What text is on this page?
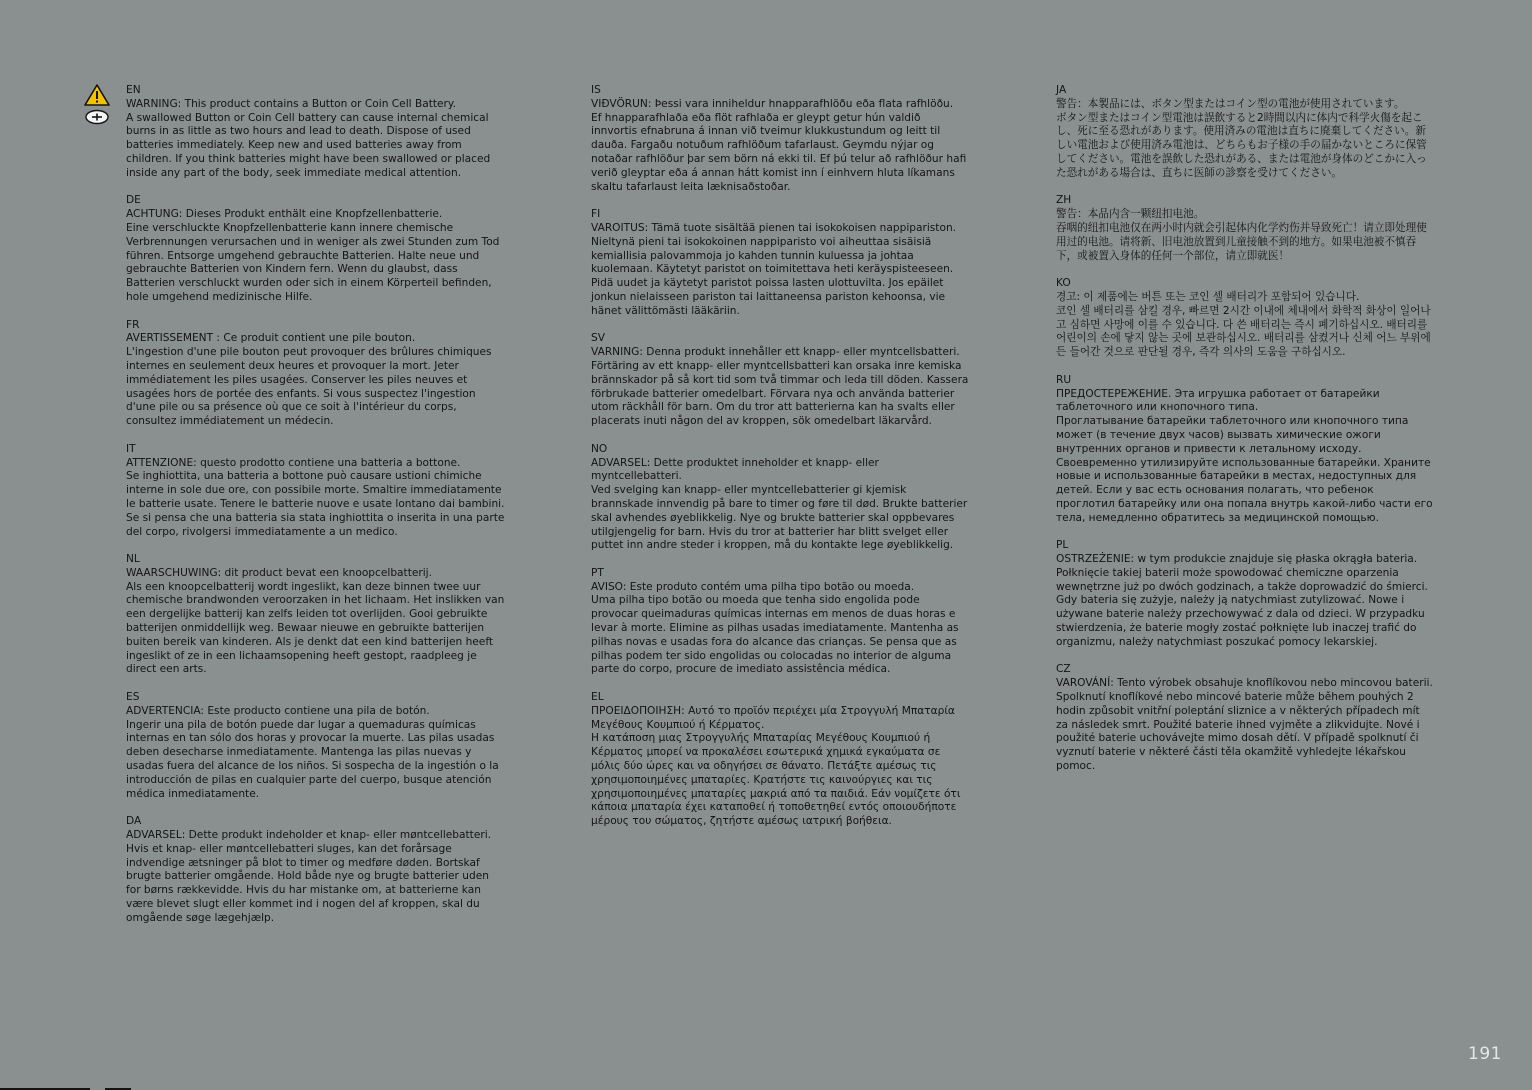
EN
WARNING: This product contains a Button or Coin Cell Battery.
A swallowed Button or Coin Cell battery can cause internal chemical burns in as little as two hours and lead to death. Dispose of used batteries immediately. Keep new and used batteries away from children. If you think batteries might have been swallowed or placed inside any part of the body, seek immediate medical attention.
DE
ACHTUNG: Dieses Produkt enthält eine Knopfzellenbatterie.
Eine verschluckte Knopfzellenbatterie kann innere chemische Verbrennungen verursachen und in weniger als zwei Stunden zum Tod führen. Entsorge umgehend gebrauchte Batterien. Halte neue und gebrauchte Batterien von Kindern fern. Wenn du glaubst, dass Batterien verschluckt wurden oder sich in einem Körperteil befinden, hole umgehend medizinische Hilfe.
FR
AVERTISSEMENT : Ce produit contient une pile bouton.
L'ingestion d'une pile bouton peut provoquer des brûlures chimiques internes en seulement deux heures et provoquer la mort. Jeter immédiatement les piles usagées. Conserver les piles neuves et usagées hors de portée des enfants. Si vous suspectez l'ingestion d'une pile ou sa présence où que ce soit à l'intérieur du corps, consultez immédiatement un médecin.
IT
ATTENZIONE: questo prodotto contiene una batteria a bottone.
Se inghiottita, una batteria a bottone può causare ustioni chimiche interne in sole due ore, con possibile morte. Smaltire immediatamente le batterie usate. Tenere le batterie nuove e usate lontano dai bambini. Se si pensa che una batteria sia stata inghiottita o inserita in una parte del corpo, rivolgersi immediatamente a un medico.
NL
WAARSCHUWING: dit product bevat een knoopcelbatterij.
Als een knoopcelbatterij wordt ingeslikt, kan deze binnen twee uur chemische brandwonden veroorzaken in het lichaam. Het inslikken van een dergelijke batterij kan zelfs leiden tot overlijden. Gooi gebruikte batterijen onmiddellijk weg. Bewaar nieuwe en gebruikte batterijen buiten bereik van kinderen. Als je denkt dat een kind batterijen heeft ingeslikt of ze in een lichaamsopening heeft gestopt, raadpleeg je direct een arts.
ES
ADVERTENCIA: Este producto contiene una pila de botón.
Ingerir una pila de botón puede dar lugar a quemaduras químicas internas en tan sólo dos horas y provocar la muerte. Las pilas usadas deben desecharse inmediatamente. Mantenga las pilas nuevas y usadas fuera del alcance de los niños. Si sospecha de la ingestión o la introducción de pilas en cualquier parte del cuerpo, busque atención médica inmediatamente.
DA
ADVARSEL: Dette produkt indeholder et knap- eller møntcellebatteri.
Hvis et knap- eller møntcellebatteri sluges, kan det forårsage indvendige ætsninger på blot to timer og medføre døden. Bortskaf brugte batterier omgående. Hold både nye og brugte batterier uden for børns rækkevidde. Hvis du har mistanke om, at batterierne kan være blevet slugt eller kommet ind i nogen del af kroppen, skal du omgående søge lægehjælp.
IS
VIÐVÖRUN: Þessi vara inniheldur hnapparafhlöðu eða flata rafhlöðu.
Ef hnapparafhlaða eða flöt rafhlaða er gleypt getur hún valdið innvortis efnabruna á innan við tveimur klukkustundum og leitt til dauða. Fargaðu notuðum rafhlöðum tafarlaust. Geymdu nýjar og notaðar rafhlöður þar sem börn ná ekki til. Ef þú telur að rafhlöður hafi verið gleyptar eða á annan hátt komist inn í einhvern hluta líkamans skaltu tafarlaust leita læknisaðstoðar.
FI
VAROITUS: Tämä tuote sisältää pienen tai isokokoisen nappipariston.
Nieltynä pieni tai isokokoinen nappiparisto voi aiheuttaa sisäisiä kemiallisia palovammoja jo kahden tunnin kuluessa ja johtaa kuolemaan. Käytetyt paristot on toimitettava heti keräyspisteeseen. Pidä uudet ja käytetyt paristot poissa lasten ulottuvilta. Jos epäilet jonkun nielaisseen pariston tai laittaneensa pariston kehoonsa, vie hänet välittömästi lääkäriin.
SV
VARNING: Denna produkt innehåller ett knapp- eller myntcellsbatteri.
Förtäring av ett knapp- eller myntcellsbatteri kan orsaka inre kemiska brännskador på så kort tid som två timmar och leda till döden. Kassera förbrukade batterier omedelbart. Förvara nya och använda batterier utom räckhåll för barn. Om du tror att batterierna kan ha svalts eller placerats inuti någon del av kroppen, sök omedelbart läkarvård.
NO
ADVARSEL: Dette produktet inneholder et knapp- eller myntcellebatteri.
Ved svelging kan knapp- eller myntcellebatterier gi kjemisk brannskade innvendig på bare to timer og føre til død. Brukte batterier skal avhendes øyeblikkelig. Nye og brukte batterier skal oppbevares utilgjengelig for barn. Hvis du tror at batterier har blitt svelget eller puttet inn andre steder i kroppen, må du kontakte lege øyeblikkelig.
PT
AVISO: Este produto contém uma pilha tipo botão ou moeda.
Uma pilha tipo botão ou moeda que tenha sido engolida pode provocar queimaduras químicas internas em menos de duas horas e levar à morte. Elimine as pilhas usadas imediatamente. Mantenha as pilhas novas e usadas fora do alcance das crianças. Se pensa que as pilhas podem ter sido engolidas ou colocadas no interior de alguma parte do corpo, procure de imediato assistência médica.
EL
ΠΡΟΕΙΔΟΠΟΙΗΣΗ: Αυτό το προϊόν περιέχει μία Στρογγυλή Μπαταρία Μεγέθους Κουμπιού ή Κέρματος.
Η κατάποση μιας Στρογγυλής Μπαταρίας Μεγέθους Κουμπιού ή Κέρματος μπορεί να προκαλέσει εσωτερικά χημικά εγκαύματα σε μόλις δύο ώρες και να οδηγήσει σε θάνατο. Πετάξτε αμέσως τις χρησιμοποιημένες μπαταρίες. Κρατήστε τις καινούργιες και τις χρησιμοποιημένες μπαταρίες μακριά από τα παιδιά. Εάν νομίζετε ότι κάποια μπαταρία έχει καταποθεί ή τοποθετηθεί εντός οποιουδήποτε μέρους του σώματος, ζητήστε αμέσως ιατρική βοήθεια.
JA
警告：本製品には、ボタン型またはコイン型の電池が使用されています。
ボタン型またはコイン型電池は誤飲すると2時間以内に体内で科学火傷を起こし、死に至る恐れがあります。使用済みの電池は直ちに廃棄してください。新しい電池および使用済み電池は、どちらもお子様の手の届かないところに保管してください。電池を誤飲した恐れがある、または電池が身体のどこかに入った恐れがある場合は、直ちに医師の診察を受けてください。
ZH
警告：本品内含一颗纽扣电池。
吞咽的纽扣电池仅在两小时内就会引起体内化学灼伤并导致死亡！请立即处理使用过的电池。请将新、旧电池放置到儿童接触不到的地方。如果电池被不慎吞下，或被置入身体的任何一个部位，请立即就医！
KO
경고: 이 제품에는 버튼 또는 코인 셀 배터리가 포함되어 있습니다.
코인 셀 배터리를 삼킬 경우, 빠르면 2시간 이내에 체내에서 화학적 화상이 일어나고 심하면 사망에 이를 수 있습니다. 다 쓴 배터리는 즉시 폐기하십시오. 배터리를 어린이의 손에 닿지 않는 곳에 보관하십시오. 배터리를 삼켰거나 신체 어느 부위에든 들어간 것으로 판단될 경우, 즉각 의사의 도움을 구하십시오.
RU
ПРЕДОСТЕРЕЖЕНИЕ. Эта игрушка работает от батарейки таблеточного или кнопочного типа.
Проглатывание батарейки таблеточного или кнопочного типа может (в течение двух часов) вызвать химические ожоги внутренних органов и привести к летальному исходу. Своевременно утилизируйте использованные батарейки. Храните новые и использованные батарейки в местах, недоступных для детей. Если у вас есть основания полагать, что ребенок проглотил батарейку или она попала внутрь какой-либо части его тела, немедленно обратитесь за медицинской помощью.
PL
OSTRZEŻENIE: w tym produkcie znajduje się płaska okrągła bateria.
Połknięcie takiej baterii może spowodować chemiczne oparzenia wewnętrzne już po dwóch godzinach, a także doprowadzić do śmierci. Gdy bateria się zużyje, należy ją natychmiast zutylizować. Nowe i używane baterie należy przechowywać z dala od dzieci. W przypadku stwierdzenia, że baterie mogły zostać połknięte lub inaczej trafić do organizmu, należy natychmiast poszukać pomocy lekarskiej.
CZ
VAROVÁNÍ: Tento výrobek obsahuje knoflíkovou nebo mincovou baterii.
Spolknutí knoflíkové nebo mincové baterie může během pouhých 2 hodin způsobit vnitřní poleptání sliznice a v některých případech mít za následek smrt. Použité baterie ihned vyjměte a zlikvidujte. Nové i použité baterie uchovávejte mimo dosah dětí. V případě spolknutí či vyznutí baterie v některé části těla okamžitě vyhledejte lékařskou pomoc.
191
